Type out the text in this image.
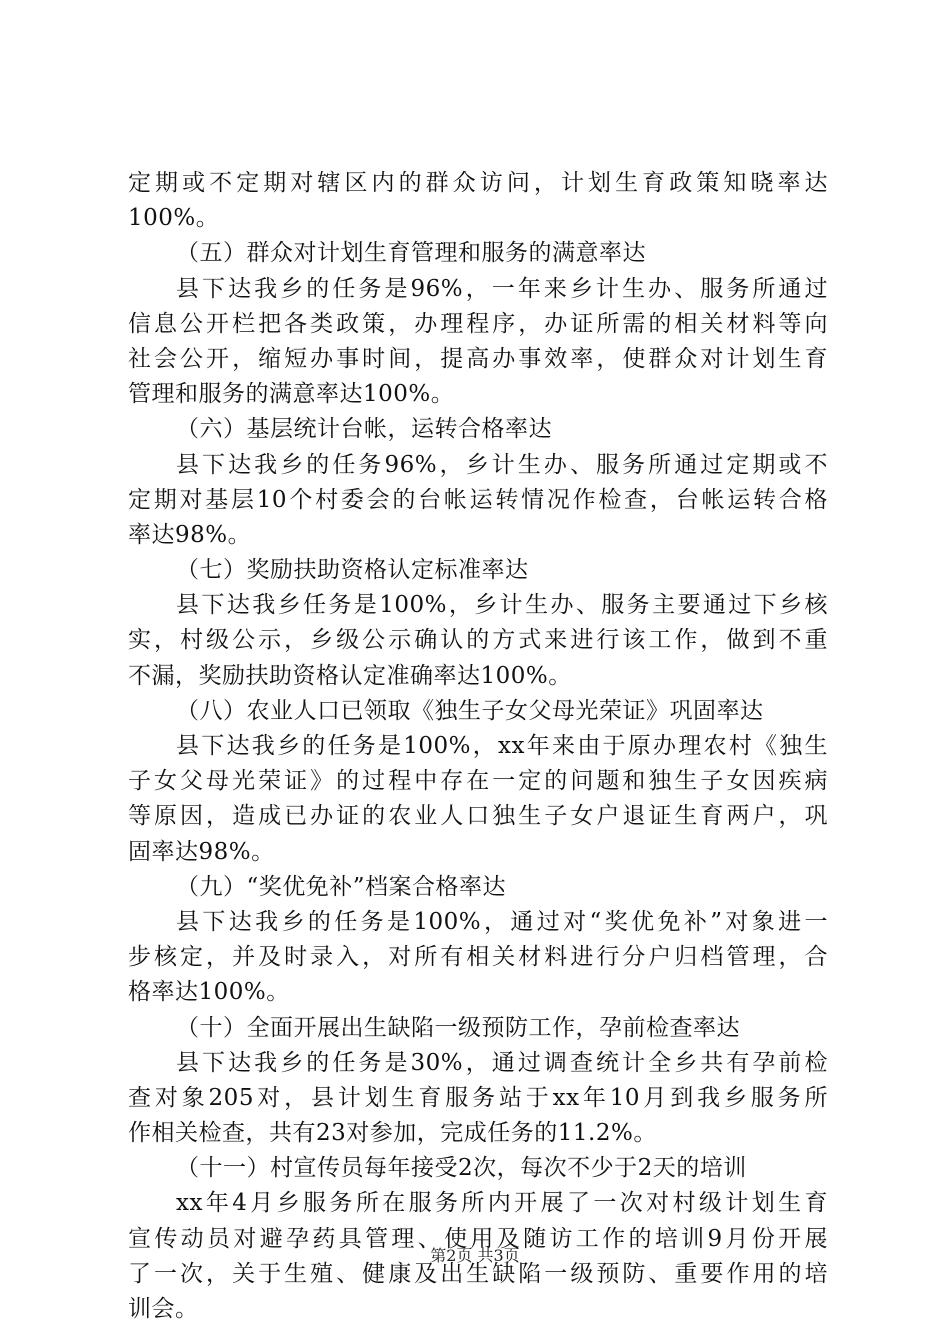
定期或不定期对辖区内的群众访问，计划生育政策知晓率达
100%。
（五）群众对计划生育管理和服务的满意率达
县下达我乡的任务是96%，一年来乡计生办、服务所通过
信息公开栏把各类政策，办理程序，办证所需的相关材料等向
社会公开，缩短办事时间，提高办事效率，使群众对计划生育
管理和服务的满意率达100%。
（六）基层统计台帐，运转合格率达
县下达我乡的任务96%，乡计生办、服务所通过定期或不
定期对基层10个村委会的台帐运转情况作检查，台帐运转合格
率达98%。
（七）奖励扶助资格认定标准率达
县下达我乡任务是100%，乡计生办、服务主要通过下乡核
实，村级公示，乡级公示确认的方式来进行该工作，做到不重
不漏，奖励扶助资格认定准确率达100%。
（八）农业人口已领取《独生子女父母光荣证》巩固率达
县下达我乡的任务是100%，xx年来由于原办理农村《独生
子女父母光荣证》的过程中存在一定的问题和独生子女因疾病
等原因，造成已办证的农业人口独生子女户退证生育两户，巩
固率达98%。
（九）“奖优免补”档案合格率达
县下达我乡的任务是100%，通过对“奖优免补”对象进一
步核定，并及时录入，对所有相关材料进行分户归档管理，合
格率达100%。
（十）全面开展出生缺陷一级预防工作，孕前检查率达
县下达我乡的任务是30%，通过调查统计全乡共有孕前检
查对象205对，县计划生育服务站于xx年10月到我乡服务所
作相关检查，共有23对参加，完成任务的11.2%。
（十一）村宣传员每年接受2次，每次不少于2天的培训
xx年4月乡服务所在服务所内开展了一次对村级计划生育
宣传动员对避孕药具管理、使用及随访工作的培训9月份开展
了一次，关于生殖、健康及出生缺陷一级预防、重要作用的培
训会。
第2页 共3页
